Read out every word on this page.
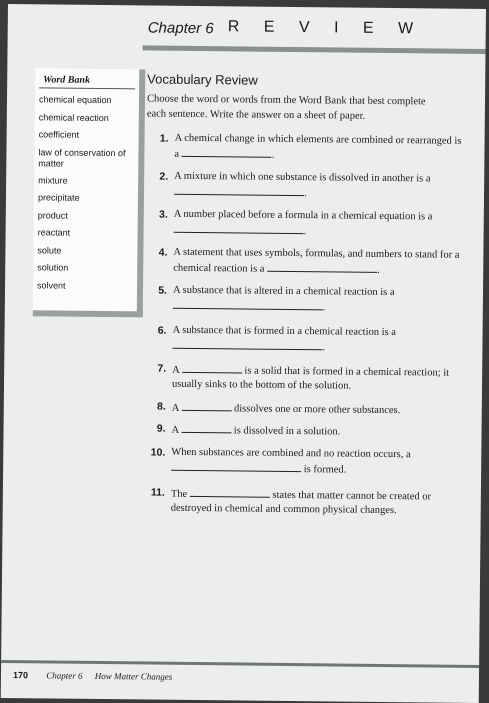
Chapter 6 R E V I E W
Word Bank
chemical equation
chemical reaction
coefficient
law of conservation of matter
mixture
precipitate
product
reactant
solute
solution
solvent
Vocabulary Review
Choose the word or words from the Word Bank that best complete each sentence. Write the answer on a sheet of paper.
1. A chemical change in which elements are combined or rearranged is a	.
2. A mixture in which one substance is dissolved in another is a .
3. A number placed before a formula in a chemical equation is a .
4. A statement that uses symbols, formulas, and numbers to stand for a chemical reaction is a	.
5. A substance that is altered in a chemical reaction is a .
6. A substance that is formed in a chemical reaction is a .
7. A	is a solid that is formed in a chemical reaction; it usually sinks to the bottom of the solution.
8. A	dissolves one or more other substances.
9. A	is dissolved in a solution.
10. When substances are combined and no reaction occurs, a  is formed.
11. The	states that matter cannot be created or destroyed in chemical and common physical changes.
170 Chapter 6 How Matter Changes
